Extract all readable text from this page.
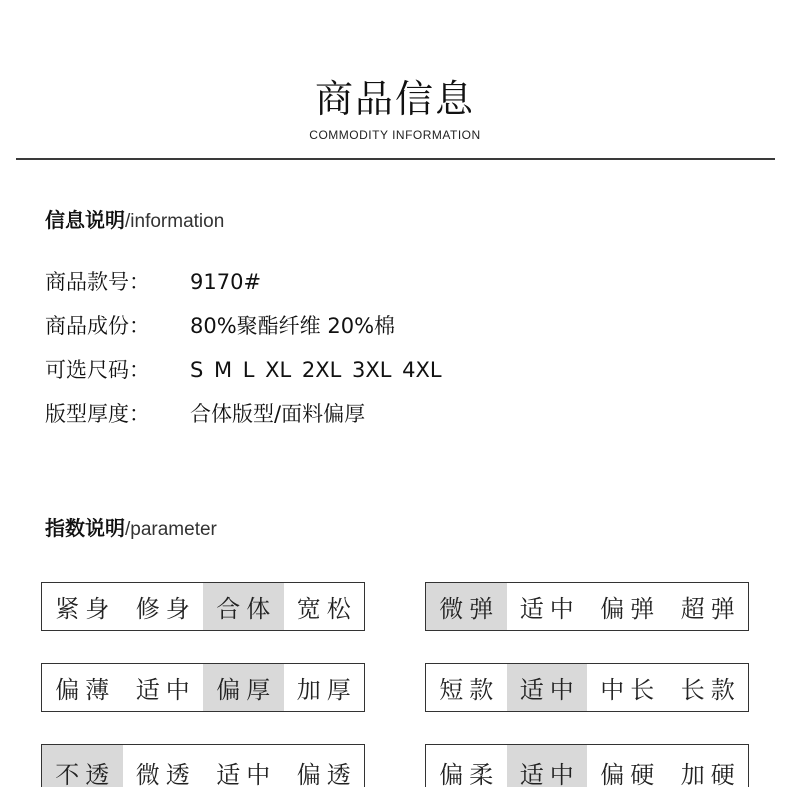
商品信息
COMMODITY INFORMATION
信息说明/information
商品款号： 9170#
商品成份： 80%聚酯纤维 20%棉
可选尺码： S M L XL 2XL 3XL 4XL
版型厚度： 合体版型/面料偏厚
指数说明/parameter
紧身 修身 合体 宽松	微弹 适中 偏弹 超弹
偏薄 适中 偏厚 加厚	短款 适中 中长 长款
不透 微透 适中 偏透	偏柔 适中 偏硬 加硬
